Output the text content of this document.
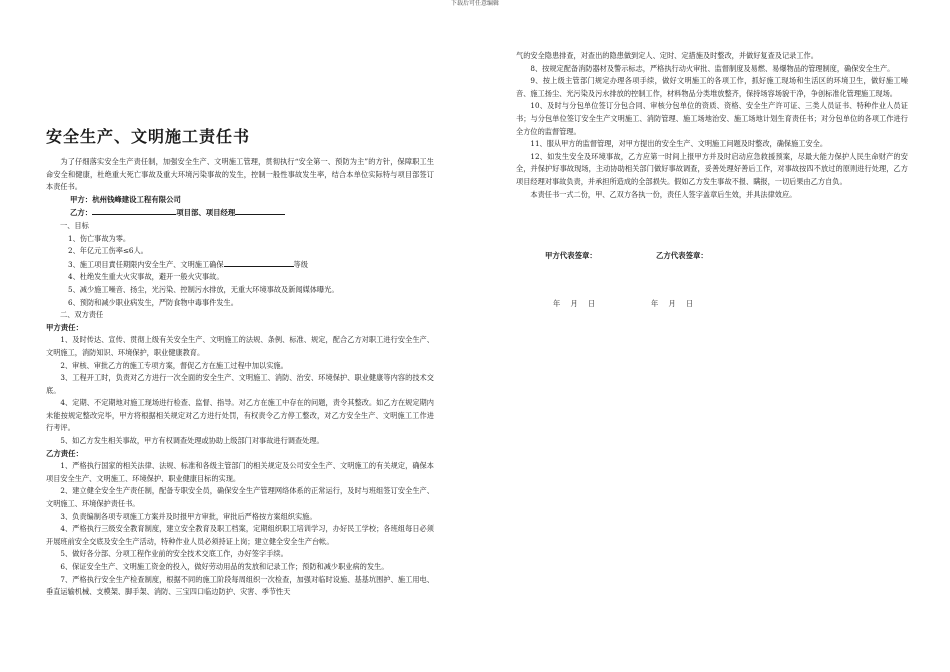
下载后可任意编辑
安全生产、文明施工责任书

为了仔细落实安全生产责任制，加强安全生产、文明施工管理，贯彻执行“安全第一、预防为主”的方针，保障职工生命安全和健康，杜绝重大死亡事故及重大环境污染事故的发生，控制一般性事故发生率，结合本单位实际特与项目部签订本责任书。

甲方：杭州钱峰建设工程有限公司
乙方：	项目部、项目经理
一、目标
1、伤亡事故为零。
2、年亿元工伤率≤6人。
3、施工项目責任期限内安全生产、文明施工确保	等级
4、杜绝发生重大火灾事故，避开一般火灾事故。
5、减少施工噪音、扬尘，光污染、控制污水排放，无重大环境事故及新闻媒体曝光。
6、预防和减少职业病发生，严防食物中毒事件发生。
二、双方责任
甲方责任：

1、及时传达、宣传、贯彻上级有关安全生产、文明施工的法规、条例、标准、规定，配合乙方对职工进行安全生产、文明施工，消防知识、环境保护，职业健康教育。

2、审核、审批乙方的施工专项方案，督促乙方在施工过程中加以实施。

3、工程开工时，负责对乙方进行一次全面的安全生产、文明施工、消防、治安、环境保护、职业健康等内容的技术交底。

4、定期、不定期地对施工现场进行检查、监督、指导。对乙方在施工中存在的问题，责令其整改。如乙方在规定期内未能按规定整改完毕，甲方将根据相关规定对乙方进行处罚，有权责令乙方停工整改，对乙方安全生产、文明施工工作进行考评。

5、如乙方发生相关事故，甲方有权调查处理或协助上级部门对事故进行调查处理。

乙方责任：

1、严格执行国家的相关法律、法规、标准和各级主管部门的相关规定及公司安全生产、文明施工的有关规定，确保本项目安全生产、文明施工、环境保护、职业健康目标的实现。

2、建立健全安全生产责任制，配备专职安全员，确保安全生产管理网络体系的正常运行，及时与班组签订安全生产、文明施工、环境保护责任书。

3、负责编制各项专项施工方案并及时报甲方审批，审批后严格按方案组织实施。

4、严格执行三级安全教育制度，建立安全教育及职工档案，定期组织职工培训学习，办好民工学校；各班组每日必须开展班前安全交底及安全生产活动，特种作业人员必须持证上岗；建立健全安全生产台帐。

5、做好各分部、分项工程作业前的安全技术交底工作，办好签字手续。

6、保证安全生产、文明施工资金的投入，做好劳动用品的发放和记录工作；预防和减少职业病的发生。

7、严格执行安全生产检查制度，根据不同的施工阶段每周组织一次检查，加强对临时设施、基基坑围护、施工用电、垂直运输机械、支模架、脚手架、消防、三宝四口临边防护、灾害、季节性天

气的安全隐患排查，对查出的隐患做到定人、定时、定措施及时整改，并做好复查及记录工作。

8、按规定配备消防器材及警示标志，严格执行动火审批、监督制度及易燃、易爆物品的管理制度，确保安全生产。

9、按上级主管部门规定办理各项手续，做好文明施工的各项工作，抓好施工现场和生活区的环境卫生，做好施工噪音、施工扬尘、光污染及污水排放的控制工作，材料物品分类堆放整齐，保持场容场貌干净，争创标准化管理施工现场。

10、及时与分包单位签订分包合同、审核分包单位的资质、资格、安全生产许可证、三类人员证书、特种作业人员证书；与分包单位签订安全生产文明施工、消防管理、施工场地治安、施工场地计划生育责任书；对分包单位的各项工作进行全方位的监督管理。

11、服从甲方的监督管理，对甲方提出的安全生产、文明施工问题及时整改，确保施工安全。

12、如发生安全及环境事故，乙方应第一时间上报甲方并及时启动应急救援预案，尽最大能力保护人民生命财产的安全，并保护好事故现场，主动协助相关部门做好事故调查，妥善处理好善后工作，对事故按四不放过的原则进行处理，乙方项目经理对事故负责，并承担所造成的全部损失。假如乙方发生事故不报、瞒报，一切后果由乙方自负。

本责任书一式二份，甲、乙双方各执一份，责任人签字盖章后生效，并具法律效应。

甲方代表签章：	乙方代表签章：
年 月 日	年 月 日
